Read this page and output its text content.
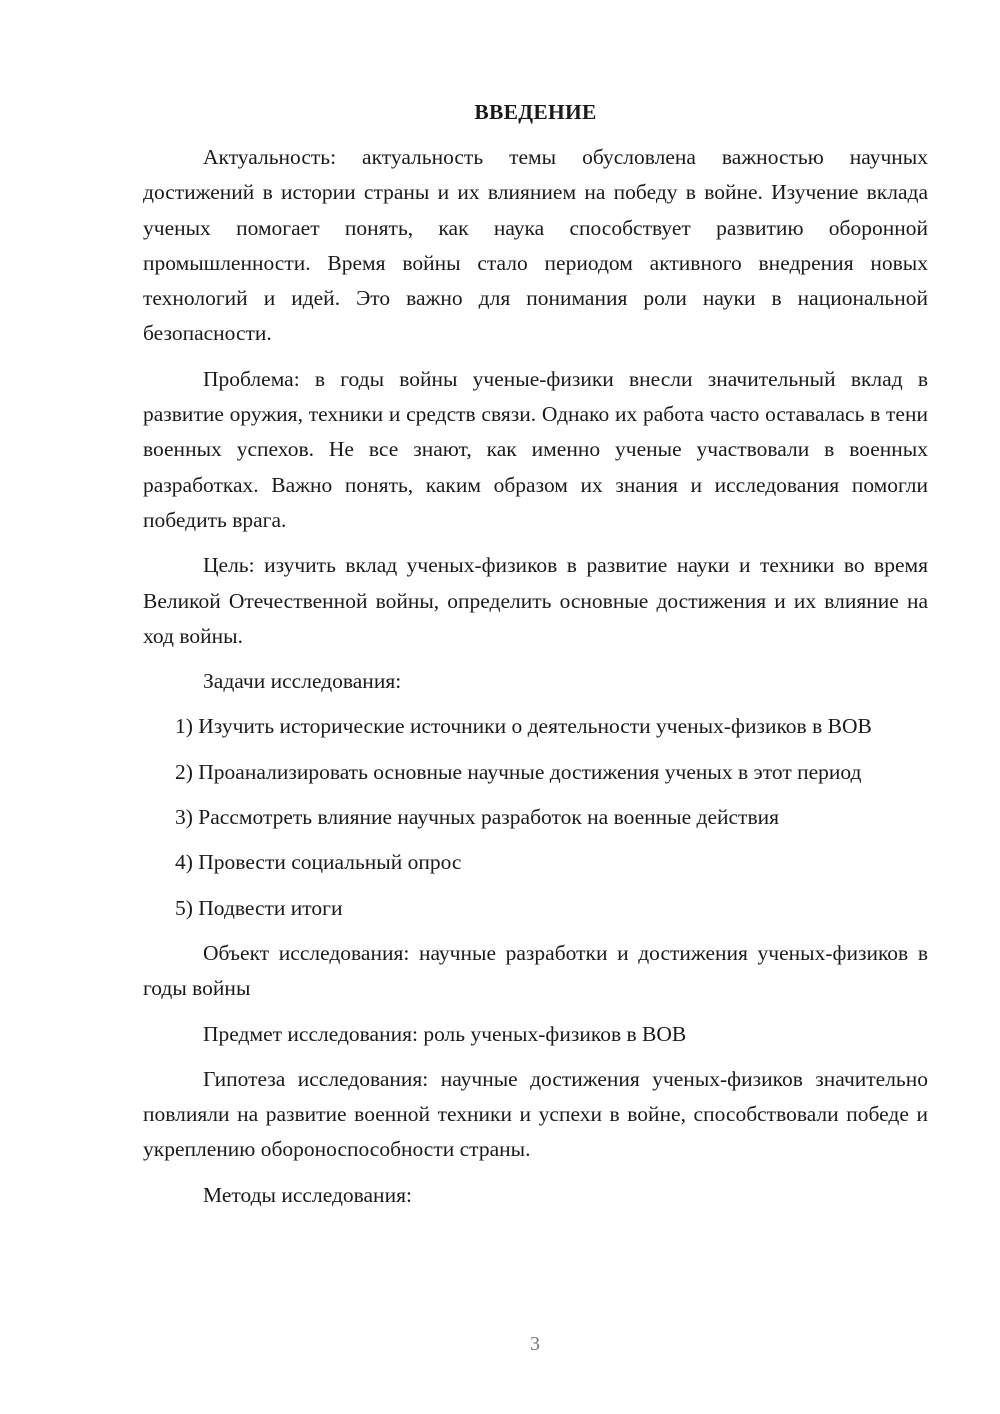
ВВЕДЕНИЕ

Актуальность: актуальность темы обусловлена важностью научных достижений в истории страны и их влиянием на победу в войне. Изучение вклада ученых помогает понять, как наука способствует развитию оборонной промышленности. Время войны стало периодом активного внедрения новых технологий и идей. Это важно для понимания роли науки в национальной безопасности.

Проблема: в годы войны ученые-физики внесли значительный вклад в развитие оружия, техники и средств связи. Однако их работа часто оставалась в тени военных успехов. Не все знают, как именно ученые участвовали в военных разработках. Важно понять, каким образом их знания и исследования помогли победить врага.

Цель: изучить вклад ученых-физиков в развитие науки и техники во время Великой Отечественной войны, определить основные достижения и их влияние на ход войны.

Задачи исследования:

1) Изучить исторические источники о деятельности ученых-физиков в ВОВ

2) Проанализировать основные научные достижения ученых в этот период

3) Рассмотреть влияние научных разработок на военные действия

4) Провести социальный опрос

5) Подвести итоги

Объект исследования: научные разработки и достижения ученых-физиков в годы войны

Предмет исследования: роль ученых-физиков в ВОВ

Гипотеза исследования: научные достижения ученых-физиков значительно повлияли на развитие военной техники и успехи в войне, способствовали победе и укреплению обороноспособности страны.

Методы исследования:

3
